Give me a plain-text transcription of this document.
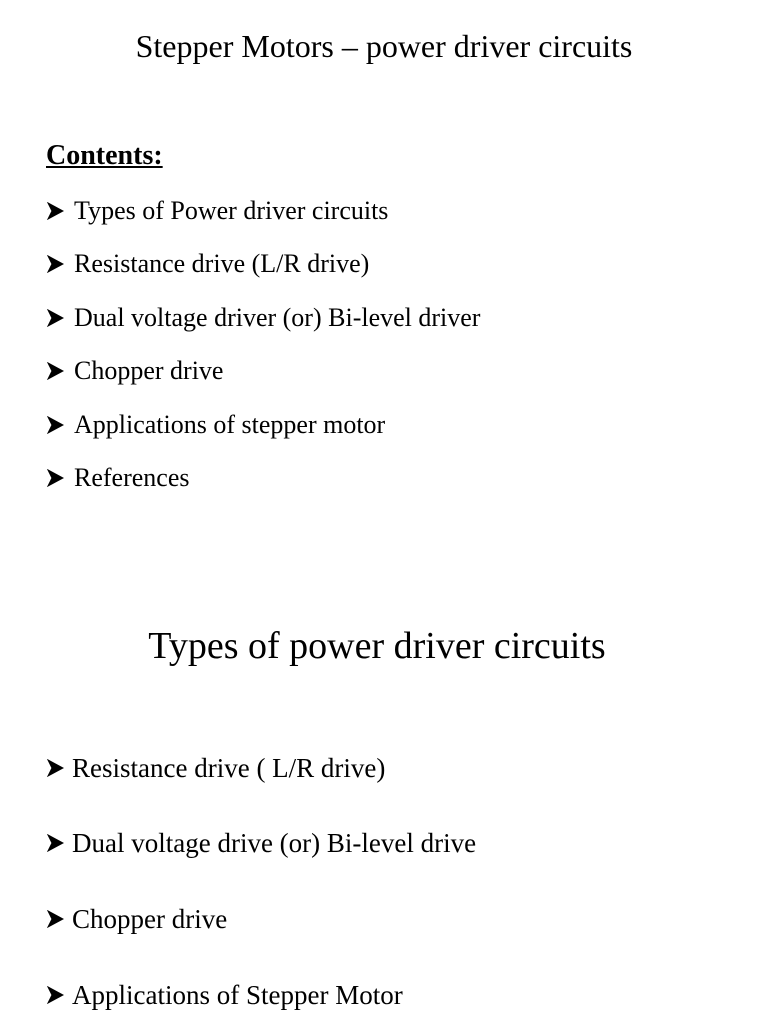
Stepper Motors – power driver circuits
Contents:
Types of Power driver circuits
Resistance drive (L/R drive)
Dual voltage driver (or) Bi-level driver
Chopper drive
Applications of stepper motor
References
Types of power driver circuits
Resistance drive ( L/R drive)
Dual voltage drive (or) Bi-level drive
Chopper drive
Applications of Stepper Motor
